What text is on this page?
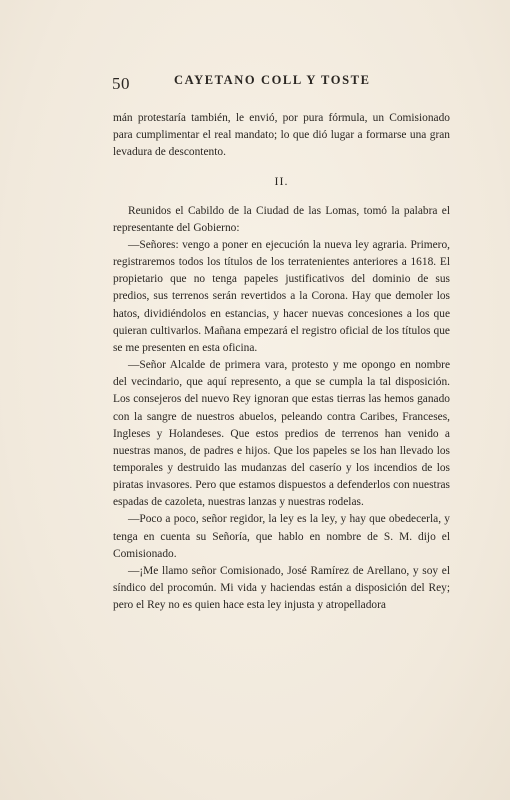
50	CAYETANO COLL Y TOSTE

mán protestaría también, le envió, por pura fórmula, un Comisionado para cumplimentar el real mandato; lo que dió lugar a formarse una gran levadura de descontento.

II.

Reunidos el Cabildo de la Ciudad de las Lomas, tomó la palabra el representante del Gobierno:

—Señores: vengo a poner en ejecución la nueva ley agraria. Primero, registraremos todos los títulos de los terratenientes anteriores a 1618. El propietario que no tenga papeles justificativos del dominio de sus predios, sus terrenos serán revertidos a la Corona. Hay que demoler los hatos, dividiéndolos en estancias, y hacer nuevas concesiones a los que quieran cultivarlos. Mañana empezará el registro oficial de los títulos que se me presenten en esta oficina.

—Señor Alcalde de primera vara, protesto y me opongo en nombre del vecindario, que aquí represento, a que se cumpla la tal disposición. Los consejeros del nuevo Rey ignoran que estas tierras las hemos ganado con la sangre de nuestros abuelos, peleando contra Caribes, Franceses, Ingleses y Holandeses. Que estos predios de terrenos han venido a nuestras manos, de padres e hijos. Que los papeles se los han llevado los temporales y destruido las mudanzas del caserío y los incendios de los piratas invasores. Pero que estamos dispuestos a defenderlos con nuestras espadas de cazoleta, nuestras lanzas y nuestras rodelas.

—Poco a poco, señor regidor, la ley es la ley, y hay que obedecerla, y tenga en cuenta su Señoría, que hablo en nombre de S. M. dijo el Comisionado.

—¡Me llamo señor Comisionado, José Ramírez de Arellano, y soy el síndico del procomún. Mi vida y haciendas están a disposición del Rey; pero el Rey no es quien hace esta ley injusta y atropelladora
